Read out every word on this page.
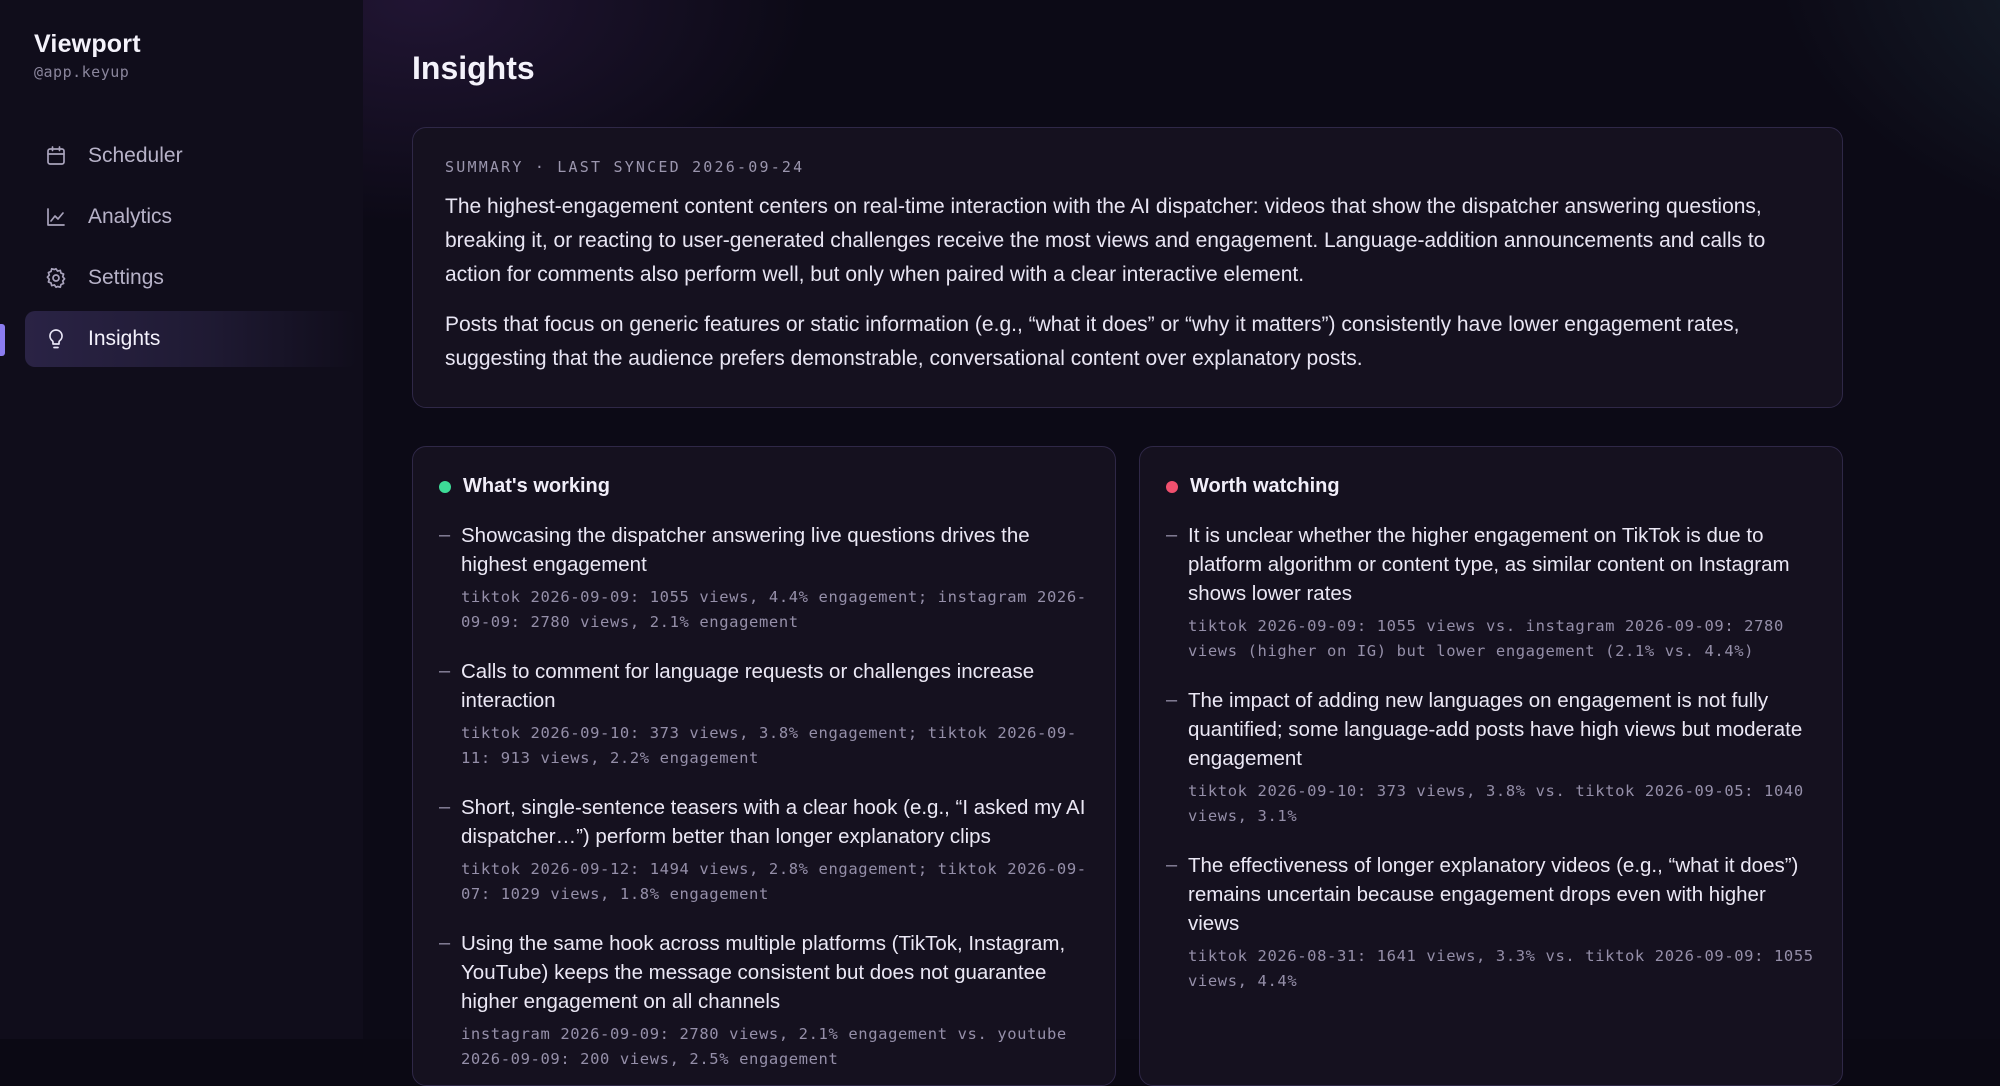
Viewport
@app.keyup
Scheduler
Analytics
Settings
Insights
Insights
SUMMARY · LAST SYNCED 2026-09-24

The highest-engagement content centers on real-time interaction with the AI dispatcher: videos that show the dispatcher answering questions, breaking it, or reacting to user-generated challenges receive the most views and engagement. Language-addition announcements and calls to action for comments also perform well, but only when paired with a clear interactive element.

Posts that focus on generic features or static information (e.g., “what it does” or “why it matters”) consistently have lower engagement rates, suggesting that the audience prefers demonstrable, conversational content over explanatory posts.

What's working
– Showcasing the dispatcher answering live questions drives the highest engagement
tiktok 2026-09-09: 1055 views, 4.4% engagement; instagram 2026-09-09: 2780 views, 2.1% engagement
– Calls to comment for language requests or challenges increase interaction
tiktok 2026-09-10: 373 views, 3.8% engagement; tiktok 2026-09-11: 913 views, 2.2% engagement
– Short, single-sentence teasers with a clear hook (e.g., “I asked my AI dispatcher…”) perform better than longer explanatory clips
tiktok 2026-09-12: 1494 views, 2.8% engagement; tiktok 2026-09-07: 1029 views, 1.8% engagement
– Using the same hook across multiple platforms (TikTok, Instagram, YouTube) keeps the message consistent but does not guarantee higher engagement on all channels
instagram 2026-09-09: 2780 views, 2.1% engagement vs. youtube 2026-09-09: 200 views, 2.5% engagement
Worth watching
– It is unclear whether the higher engagement on TikTok is due to platform algorithm or content type, as similar content on Instagram shows lower rates
tiktok 2026-09-09: 1055 views vs. instagram 2026-09-09: 2780 views (higher on IG) but lower engagement (2.1% vs. 4.4%)
– The impact of adding new languages on engagement is not fully quantified; some language-add posts have high views but moderate engagement
tiktok 2026-09-10: 373 views, 3.8% vs. tiktok 2026-09-05: 1040 views, 3.1%
– The effectiveness of longer explanatory videos (e.g., “what it does”) remains uncertain because engagement drops even with higher views
tiktok 2026-08-31: 1641 views, 3.3% vs. tiktok 2026-09-09: 1055 views, 4.4%
